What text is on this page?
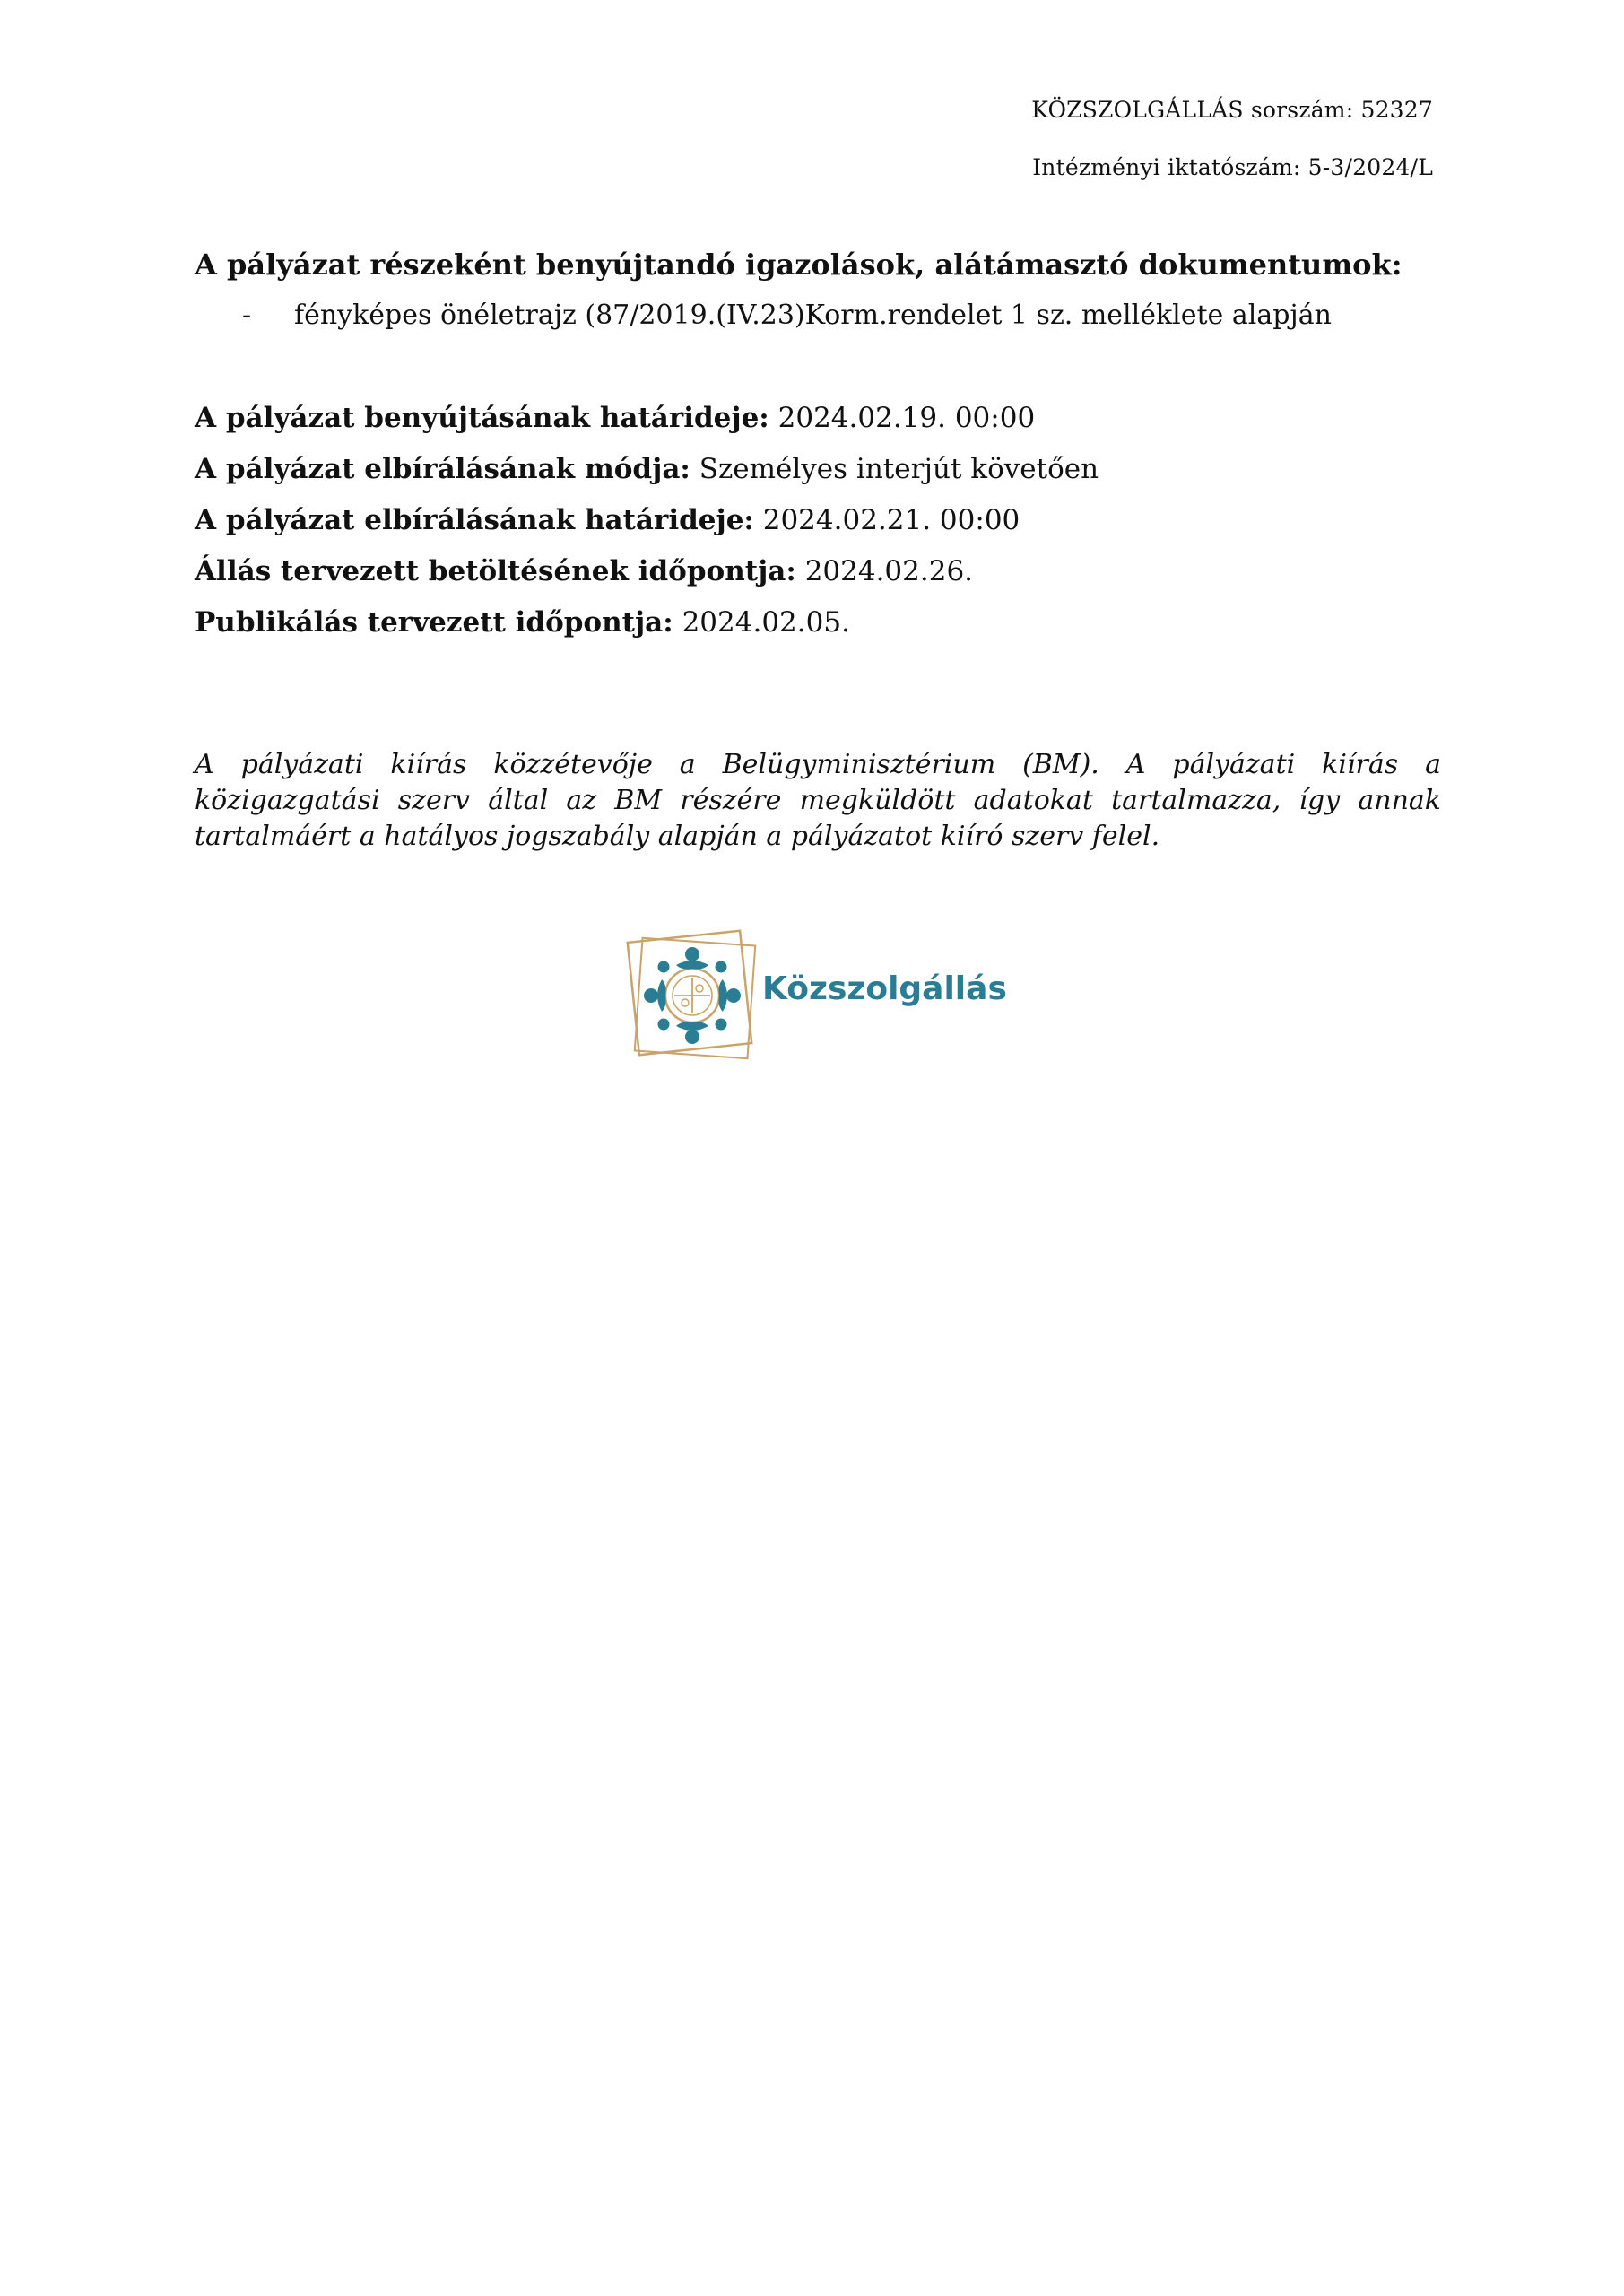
KÖZSZOLGÁLLÁS sorszám: 52327
Intézményi iktatószám: 5-3/2024/L
A pályázat részeként benyújtandó igazolások, alátámasztó dokumentumok:
- fényképes önéletrajz (87/2019.(IV.23)Korm.rendelet 1 sz. melléklete alapján
A pályázat benyújtásának határideje: 2024.02.19. 00:00
A pályázat elbírálásának módja: Személyes interjút követően
A pályázat elbírálásának határideje: 2024.02.21. 00:00
Állás tervezett betöltésének időpontja: 2024.02.26.
Publikálás tervezett időpontja: 2024.02.05.
A pályázati kiírás közzétevője a Belügyminisztérium (BM). A pályázati kiírás a közigazgatási szerv által az BM részére megküldött adatokat tartalmazza, így annak tartalmáért a hatályos jogszabály alapján a pályázatot kiíró szerv felel.
Közszolgállás
